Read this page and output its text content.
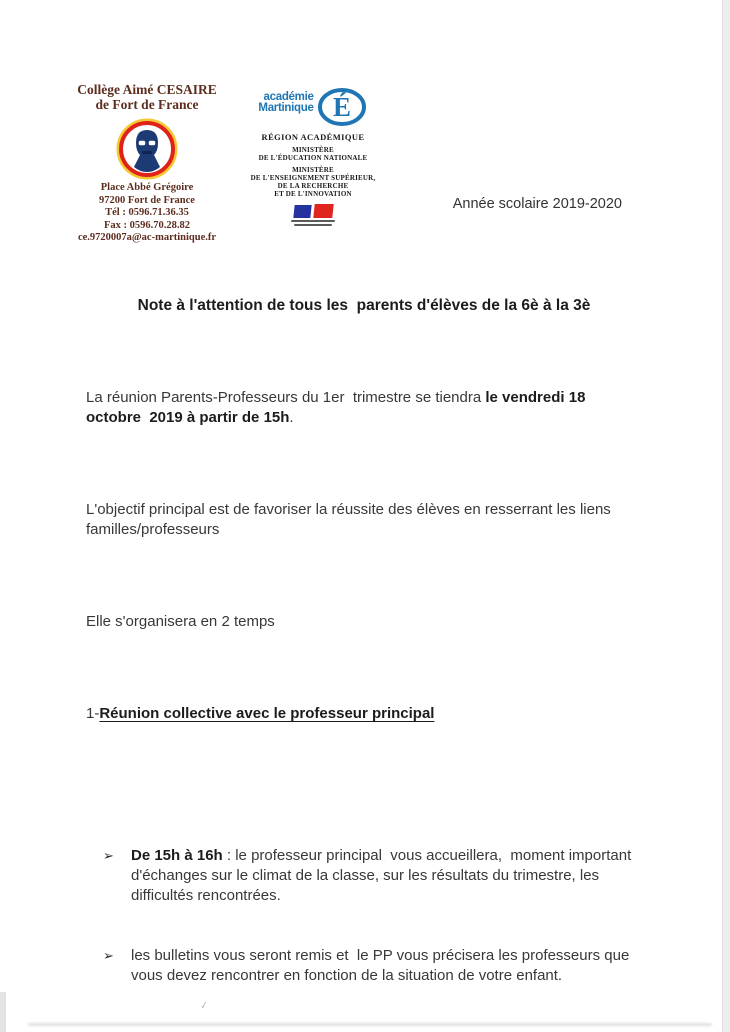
Collège Aimé CESAIRE
de Fort de France
Place Abbé Grégoire
97200 Fort de France
Tél : 0596.71.36.35
Fax : 0596.70.28.82
ce.9720007a@ac-martinique.fr
académie
Martinique É
RÉGION ACADÉMIQUE
MINISTÈRE
DE L'ÉDUCATION NATIONALE
MINISTÈRE
DE L'ENSEIGNEMENT SUPÉRIEUR,
DE LA RECHERCHE
ET DE L'INNOVATION
Année scolaire 2019-2020

Note à l'attention de tous les  parents d'élèves de la 6è à la 3è

La réunion Parents-Professeurs du 1er  trimestre se tiendra le vendredi 18 octobre  2019 à partir de 15h.

L'objectif principal est de favoriser la réussite des élèves en resserrant les liens familles/professeurs

Elle s'organisera en 2 temps

1-Réunion collective avec le professeur principal

➢ De 15h à 16h : le professeur principal  vous accueillera,  moment important  d'échanges sur le climat de la classe, sur les résultats du trimestre, les difficultés rencontrées.

➢ les bulletins vous seront remis et  le PP vous précisera les professeurs que vous devez rencontrer en fonction de la situation de votre enfant.

✓
